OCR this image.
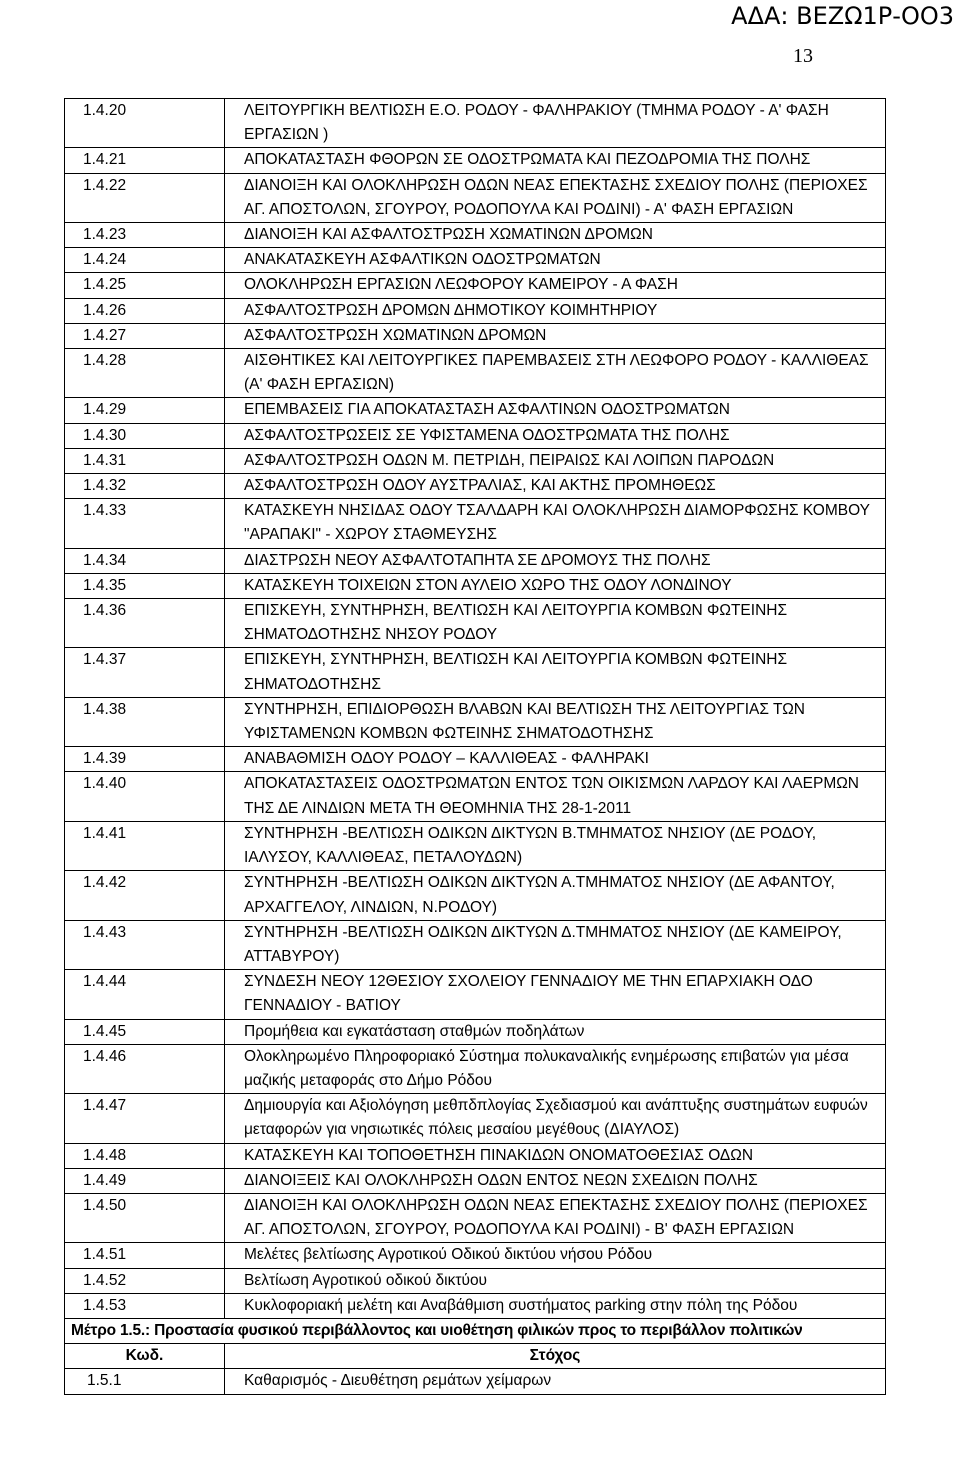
ΑΔΑ: ΒΕΖΩ1Ρ-ΟΟ3
13
1.4.20	ΛΕΙΤΟΥΡΓΙΚΗ ΒΕΛΤΙΩΣΗ Ε.Ο. ΡΟΔΟΥ - ΦΑΛΗΡΑΚΙΟΥ (ΤΜΗΜΑ ΡΟΔΟΥ - Α' ΦΑΣΗ ΕΡΓΑΣΙΩΝ )
1.4.21	ΑΠΟΚΑΤΑΣΤΑΣΗ ΦΘΟΡΩΝ ΣΕ ΟΔΟΣΤΡΩΜΑΤΑ ΚΑΙ ΠΕΖΟΔΡΟΜΙΑ ΤΗΣ ΠΟΛΗΣ
1.4.22	ΔΙΑΝΟΙΞΗ ΚΑΙ ΟΛΟΚΛΗΡΩΣΗ ΟΔΩΝ ΝΕΑΣ ΕΠΕΚΤΑΣΗΣ ΣΧΕΔΙΟΥ ΠΟΛΗΣ (ΠΕΡΙΟΧΕΣ ΑΓ. ΑΠΟΣΤΟΛΩΝ, ΣΓΟΥΡΟΥ, ΡΟΔΟΠΟΥΛΑ ΚΑΙ ΡΟΔΙΝΙ) - Α' ΦΑΣΗ ΕΡΓΑΣΙΩΝ
1.4.23	ΔΙΑΝΟΙΞΗ ΚΑΙ ΑΣΦΑΛΤΟΣΤΡΩΣΗ ΧΩΜΑΤΙΝΩΝ ΔΡΟΜΩΝ
1.4.24	ΑΝΑΚΑΤΑΣΚΕΥΗ ΑΣΦΑΛΤΙΚΩΝ ΟΔΟΣΤΡΩΜΑΤΩΝ
1.4.25	ΟΛΟΚΛΗΡΩΣΗ ΕΡΓΑΣΙΩΝ ΛΕΩΦΟΡΟΥ ΚΑΜΕΙΡΟΥ - Α ΦΑΣΗ
1.4.26	ΑΣΦΑΛΤΟΣΤΡΩΣΗ ΔΡΟΜΩΝ ΔΗΜΟΤΙΚΟΥ ΚΟΙΜΗΤΗΡΙΟΥ
1.4.27	ΑΣΦΑΛΤΟΣΤΡΩΣΗ ΧΩΜΑΤΙΝΩΝ ΔΡΟΜΩΝ
1.4.28	ΑΙΣΘΗΤΙΚΕΣ ΚΑΙ ΛΕΙΤΟΥΡΓΙΚΕΣ ΠΑΡΕΜΒΑΣΕΙΣ ΣΤΗ ΛΕΩΦΟΡΟ ΡΟΔΟΥ - ΚΑΛΛΙΘΕΑΣ (Α' ΦΑΣΗ ΕΡΓΑΣΙΩΝ)
1.4.29	ΕΠΕΜΒΑΣΕΙΣ ΓΙΑ ΑΠΟΚΑΤΑΣΤΑΣΗ ΑΣΦΑΛΤΙΝΩΝ ΟΔΟΣΤΡΩΜΑΤΩΝ
1.4.30	ΑΣΦΑΛΤΟΣΤΡΩΣΕΙΣ ΣΕ ΥΦΙΣΤΑΜΕΝΑ ΟΔΟΣΤΡΩΜΑΤΑ ΤΗΣ ΠΟΛΗΣ
1.4.31	ΑΣΦΑΛΤΟΣΤΡΩΣΗ ΟΔΩΝ Μ. ΠΕΤΡΙΔΗ, ΠΕΙΡΑΙΩΣ ΚΑΙ ΛΟΙΠΩΝ ΠΑΡΟΔΩΝ
1.4.32	ΑΣΦΑΛΤΟΣΤΡΩΣΗ ΟΔΟΥ ΑΥΣΤΡΑΛΙΑΣ, ΚΑΙ ΑΚΤΗΣ ΠΡΟΜΗΘΕΩΣ
1.4.33	ΚΑΤΑΣΚΕΥΗ ΝΗΣΙΔΑΣ ΟΔΟΥ ΤΣΑΛΔΑΡΗ ΚΑΙ ΟΛΟΚΛΗΡΩΣΗ ΔΙΑΜΟΡΦΩΣΗΣ ΚΟΜΒΟΥ "ΑΡΑΠΑΚΙ" - ΧΩΡΟΥ ΣΤΑΘΜΕΥΣΗΣ
1.4.34	ΔΙΑΣΤΡΩΣΗ ΝΕΟΥ ΑΣΦΑΛΤΟΤΑΠΗΤΑ ΣΕ ΔΡΟΜΟΥΣ ΤΗΣ ΠΟΛΗΣ
1.4.35	ΚΑΤΑΣΚΕΥΗ ΤΟΙΧΕΙΩΝ ΣΤΟΝ ΑΥΛΕΙΟ ΧΩΡΟ ΤΗΣ ΟΔΟΥ ΛΟΝΔΙΝΟΥ
1.4.36	ΕΠΙΣΚΕΥΗ, ΣΥΝΤΗΡΗΣΗ, ΒΕΛΤΙΩΣΗ ΚΑΙ ΛΕΙΤΟΥΡΓΙΑ ΚΟΜΒΩΝ ΦΩΤΕΙΝΗΣ ΣΗΜΑΤΟΔΟΤΗΣΗΣ ΝΗΣΟΥ ΡΟΔΟΥ
1.4.37	ΕΠΙΣΚΕΥΗ, ΣΥΝΤΗΡΗΣΗ, ΒΕΛΤΙΩΣΗ ΚΑΙ ΛΕΙΤΟΥΡΓΙΑ ΚΟΜΒΩΝ ΦΩΤΕΙΝΗΣ ΣΗΜΑΤΟΔΟΤΗΣΗΣ
1.4.38	ΣΥΝΤΗΡΗΣΗ, ΕΠΙΔΙΟΡΘΩΣΗ ΒΛΑΒΩΝ ΚΑΙ ΒΕΛΤΙΩΣΗ ΤΗΣ ΛΕΙΤΟΥΡΓΙΑΣ ΤΩΝ ΥΦΙΣΤΑΜΕΝΩΝ ΚΟΜΒΩΝ ΦΩΤΕΙΝΗΣ ΣΗΜΑΤΟΔΟΤΗΣΗΣ
1.4.39	ΑΝΑΒΑΘΜΙΣΗ ΟΔΟΥ ΡΟΔΟΥ – ΚΑΛΛΙΘΕΑΣ - ΦΑΛΗΡΑΚΙ
1.4.40	ΑΠΟΚΑΤΑΣΤΑΣΕΙΣ ΟΔΟΣΤΡΩΜΑΤΩΝ ΕΝΤΟΣ ΤΩΝ ΟΙΚΙΣΜΩΝ ΛΑΡΔΟΥ ΚΑΙ ΛΑΕΡΜΩΝ ΤΗΣ ΔΕ ΛΙΝΔΙΩΝ ΜΕΤΑ ΤΗ ΘΕΟΜΗΝΙΑ ΤΗΣ 28-1-2011
1.4.41	ΣΥΝΤΗΡΗΣΗ -ΒΕΛΤΙΩΣΗ ΟΔΙΚΩΝ ΔΙΚΤΥΩΝ Β.ΤΜΗΜΑΤΟΣ ΝΗΣΙΟΥ (ΔΕ ΡΟΔΟΥ, ΙΑΛΥΣΟΥ, ΚΑΛΛΙΘΕΑΣ, ΠΕΤΑΛΟΥΔΩΝ)
1.4.42	ΣΥΝΤΗΡΗΣΗ -ΒΕΛΤΙΩΣΗ ΟΔΙΚΩΝ ΔΙΚΤΥΩΝ Α.ΤΜΗΜΑΤΟΣ ΝΗΣΙΟΥ (ΔΕ ΑΦΑΝΤΟΥ, ΑΡΧΑΓΓΕΛΟΥ, ΛΙΝΔΙΩΝ, Ν.ΡΟΔΟΥ)
1.4.43	ΣΥΝΤΗΡΗΣΗ -ΒΕΛΤΙΩΣΗ ΟΔΙΚΩΝ ΔΙΚΤΥΩΝ Δ.ΤΜΗΜΑΤΟΣ ΝΗΣΙΟΥ (ΔΕ ΚΑΜΕΙΡΟΥ, ΑΤΤΑΒΥΡΟΥ)
1.4.44	ΣΥΝΔΕΣΗ ΝΕΟΥ 12ΘΕΣΙΟΥ ΣΧΟΛΕΙΟΥ ΓΕΝΝΑΔΙΟΥ ΜΕ ΤΗΝ ΕΠΑΡΧΙΑΚΗ ΟΔΟ ΓΕΝΝΑΔΙΟΥ - ΒΑΤΙΟΥ
1.4.45	Προμήθεια και εγκατάσταση σταθμών ποδηλάτων
1.4.46	Ολοκληρωμένο Πληροφοριακό Σύστημα πολυκαναλικής ενημέρωσης επιβατών για μέσα μαζικής μεταφοράς στο Δήμο Ρόδου
1.4.47	Δημιουργία και Αξιολόγηση μεθπδπλογίας Σχεδιασμού και ανάπτυξης συστημάτων ευφυών μεταφορών για νησιωτικές πόλεις μεσαίου μεγέθους (ΔΙΑΥΛΟΣ)
1.4.48	ΚΑΤΑΣΚΕΥΗ ΚΑΙ ΤΟΠΟΘΕΤΗΣΗ ΠΙΝΑΚΙΔΩΝ ΟΝΟΜΑΤΟΘΕΣΙΑΣ ΟΔΩΝ
1.4.49	ΔΙΑΝΟΙΞΕΙΣ ΚΑΙ ΟΛΟΚΛΗΡΩΣΗ ΟΔΩΝ ΕΝΤΟΣ ΝΕΩΝ ΣΧΕΔΙΩΝ ΠΟΛΗΣ
1.4.50	ΔΙΑΝΟΙΞΗ ΚΑΙ ΟΛΟΚΛΗΡΩΣΗ ΟΔΩΝ ΝΕΑΣ ΕΠΕΚΤΑΣΗΣ ΣΧΕΔΙΟΥ ΠΟΛΗΣ (ΠΕΡΙΟΧΕΣ ΑΓ. ΑΠΟΣΤΟΛΩΝ, ΣΓΟΥΡΟΥ, ΡΟΔΟΠΟΥΛΑ ΚΑΙ ΡΟΔΙΝΙ) - Β' ΦΑΣΗ ΕΡΓΑΣΙΩΝ
1.4.51	Μελέτες βελτίωσης Αγροτικού Οδικού δικτύου νήσου Ρόδου
1.4.52	Βελτίωση Αγροτικού οδικού δικτύου
1.4.53	Κυκλοφοριακή μελέτη και Αναβάθμιση συστήματος parking στην πόλη της Ρόδου
Μέτρο 1.5.: Προστασία φυσικού περιβάλλοντος και υιοθέτηση φιλικών προς το περιβάλλον πολιτικών	
Κωδ.	Στόχος
1.5.1	Καθαρισμός - Διευθέτηση ρεμάτων χείμαρων
